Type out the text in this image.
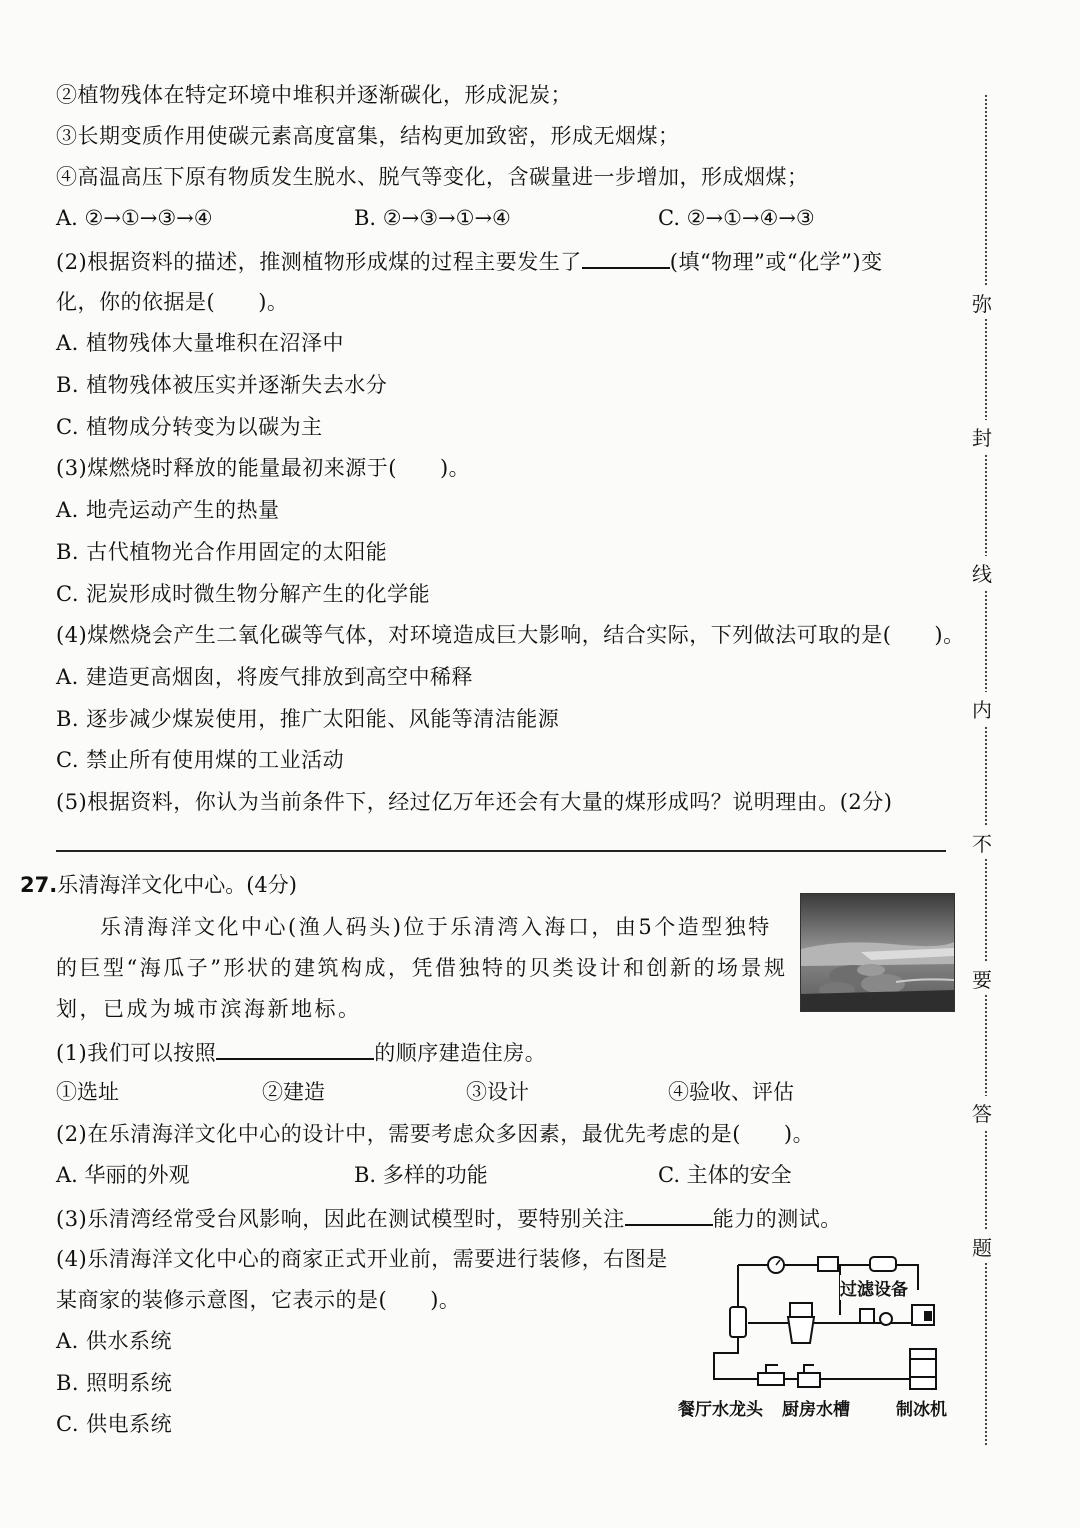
弥
封
线
内
不
要
答
题
②植物残体在特定环境中堆积并逐渐碳化，形成泥炭；
③长期变质作用使碳元素高度富集，结构更加致密，形成无烟煤；
④高温高压下原有物质发生脱水、脱气等变化，含碳量进一步增加，形成烟煤；
A. ②→①→③→④	B. ②→③→①→④	C. ②→①→④→③
(2)根据资料的描述，推测植物形成煤的过程主要发生了	(填“物理”或“化学”)变
化，你的依据是(　　)。
A. 植物残体大量堆积在沼泽中
B. 植物残体被压实并逐渐失去水分
C. 植物成分转变为以碳为主
(3)煤燃烧时释放的能量最初来源于(　　)。
A. 地壳运动产生的热量
B. 古代植物光合作用固定的太阳能
C. 泥炭形成时微生物分解产生的化学能
(4)煤燃烧会产生二氧化碳等气体，对环境造成巨大影响，结合实际，下列做法可取的是(　　)。
A. 建造更高烟囱，将废气排放到高空中稀释
B. 逐步减少煤炭使用，推广太阳能、风能等清洁能源
C. 禁止所有使用煤的工业活动
(5)根据资料，你认为当前条件下，经过亿万年还会有大量的煤形成吗？说明理由。(2分)
27.乐清海洋文化中心。(4分)
乐清海洋文化中心(渔人码头)位于乐清湾入海口，由5个造型独特
的巨型“海瓜子”形状的建筑构成，凭借独特的贝类设计和创新的场景规
划，已成为城市滨海新地标。
(1)我们可以按照	的顺序建造住房。
①选址	②建造	③设计	④验收、评估
(2)在乐清海洋文化中心的设计中，需要考虑众多因素，最优先考虑的是(　　)。
A. 华丽的外观	B. 多样的功能	C. 主体的安全
(3)乐清湾经常受台风影响，因此在测试模型时，要特别关注	能力的测试。
(4)乐清海洋文化中心的商家正式开业前，需要进行装修，右图是
某商家的装修示意图，它表示的是(　　)。
A. 供水系统
B. 照明系统
C. 供电系统
过滤设备
餐厅水龙头 厨房水槽	制冰机
